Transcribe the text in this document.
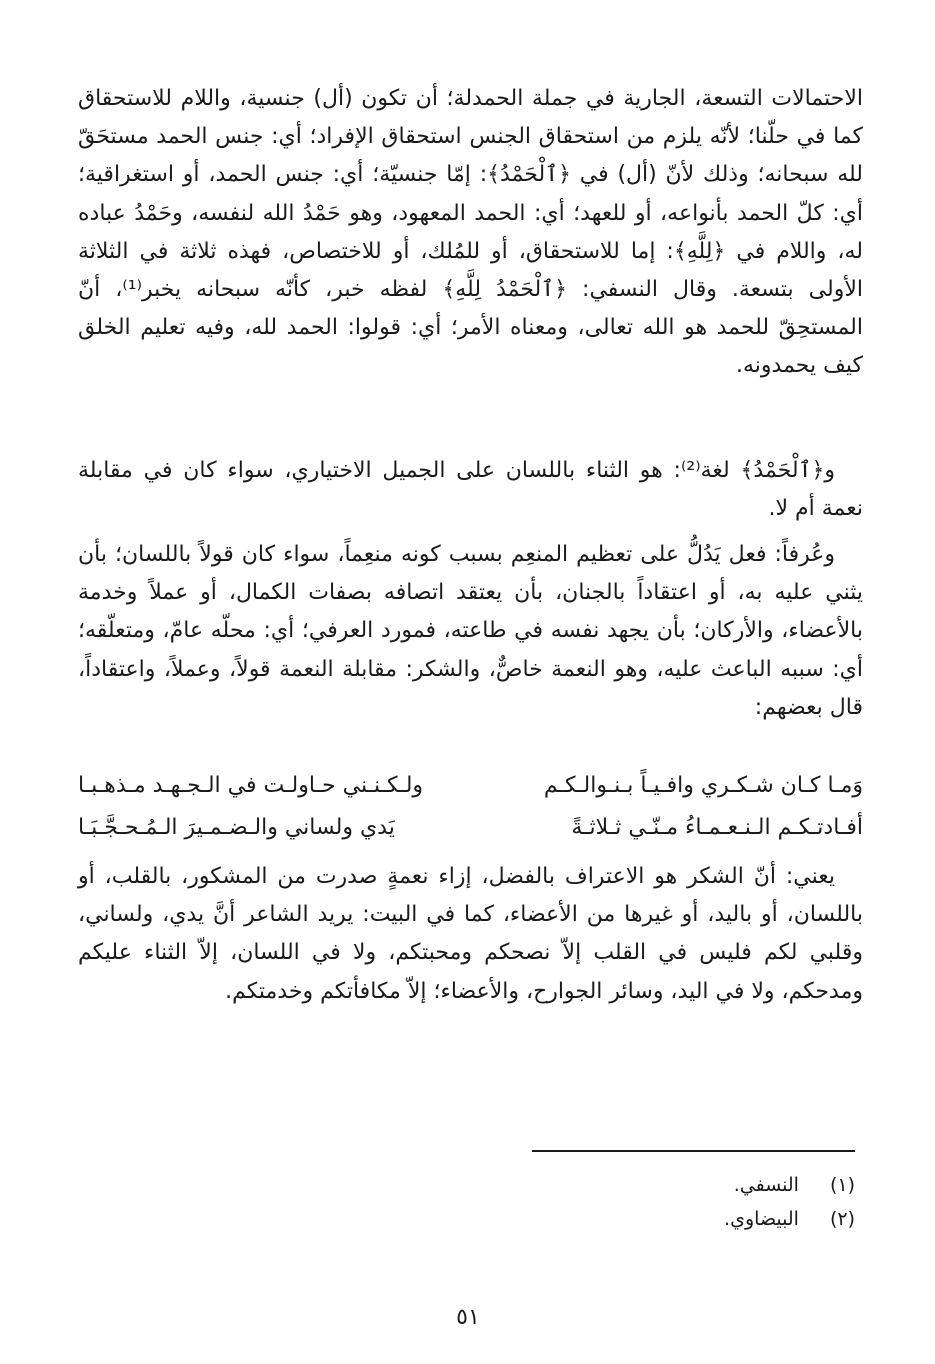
الاحتمالات التسعة، الجارية في جملة الحمدلة؛ أن تكون (أل) جنسية، واللام للاستحقاق كما في حلّنا؛ لأنّه يلزم من استحقاق الجنس استحقاق الإفراد؛ أي: جنس الحمد مستحَقّ لله سبحانه؛ وذلك لأنّ (أل) في ﴿ٱلْحَمْدُ﴾: إمّا جنسيّة؛ أي: جنس الحمد، أو استغراقية؛ أي: كلّ الحمد بأنواعه، أو للعهد؛ أي: الحمد المعهود، وهو حَمْدُ الله لنفسه، وحَمْدُ عباده له، واللام في ﴿لِلَّهِ﴾: إما للاستحقاق، أو للمُلك، أو للاختصاص، فهذه ثلاثة في الثلاثة الأولى بتسعة. وقال النسفي: ﴿ٱلْحَمْدُ لِلَّهِ﴾ لفظه خبر، كأنّه سبحانه يخبر⁽¹⁾، أنّ المستحِقّ للحمد هو الله تعالى، ومعناه الأمر؛ أي: قولوا: الحمد لله، وفيه تعليم الخلق كيف يحمدونه.

و﴿ٱلْحَمْدُ﴾ لغة⁽²⁾: هو الثناء باللسان على الجميل الاختياري، سواء كان في مقابلة نعمة أم لا.

وعُرفاً: فعل يَدُلُّ على تعظيم المنعِم بسبب كونه منعِماً، سواء كان قولاً باللسان؛ بأن يثني عليه به، أو اعتقاداً بالجنان، بأن يعتقد اتصافه بصفات الكمال، أو عملاً وخدمة بالأعضاء، والأركان؛ بأن يجهد نفسه في طاعته، فمورد العرفي؛ أي: محلّه عامّ، ومتعلّقه؛ أي: سببه الباعث عليه، وهو النعمة خاصٌّ، والشكر: مقابلة النعمة قولاً، وعملاً، واعتقاداً، قال بعضهم:

وَمـا كـان شـكـري وافـيـاً بـنـوالـكـم
ولـكـنـني حـاولـت في الـجـهـد مـذهـبـا
أفـادتـكـم الـنـعـمـاءُ مـنّـي ثـلاثـةً
يَدي ولساني والـضـمـيرَ الـمُـحـجَّـبَـا

يعني: أنّ الشكر هو الاعتراف بالفضل، إزاء نعمةٍ صدرت من المشكور، بالقلب، أو باللسان، أو باليد، أو غيرها من الأعضاء، كما في البيت: يريد الشاعر أنَّ يدي، ولساني، وقلبي لكم فليس في القلب إلاّ نصحكم ومحبتكم، ولا في اللسان، إلاّ الثناء عليكم ومدحكم، ولا في اليد، وسائر الجوارح، والأعضاء؛ إلاّ مكافأتكم وخدمتكم.

(١) النسفي.

(٢) البيضاوي.

٥١
